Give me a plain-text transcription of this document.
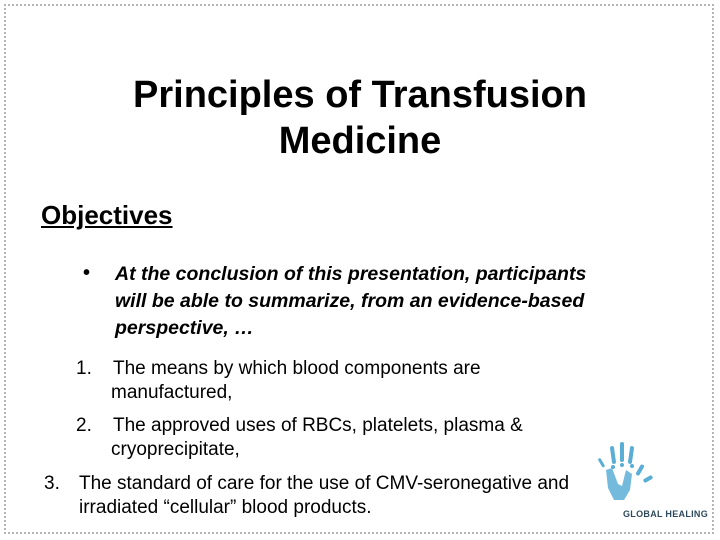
Principles of Transfusion
Medicine
Objectives
• At the conclusion of this presentation, participants
will be able to summarize, from an evidence-based
perspective, …

1. The means by which blood components are
manufactured,
2. The approved uses of RBCs, platelets, plasma &
cryoprecipitate,
3. The standard of care for the use of CMV-seronegative and
irradiated “cellular” blood products.	GLOBAL HEALING
